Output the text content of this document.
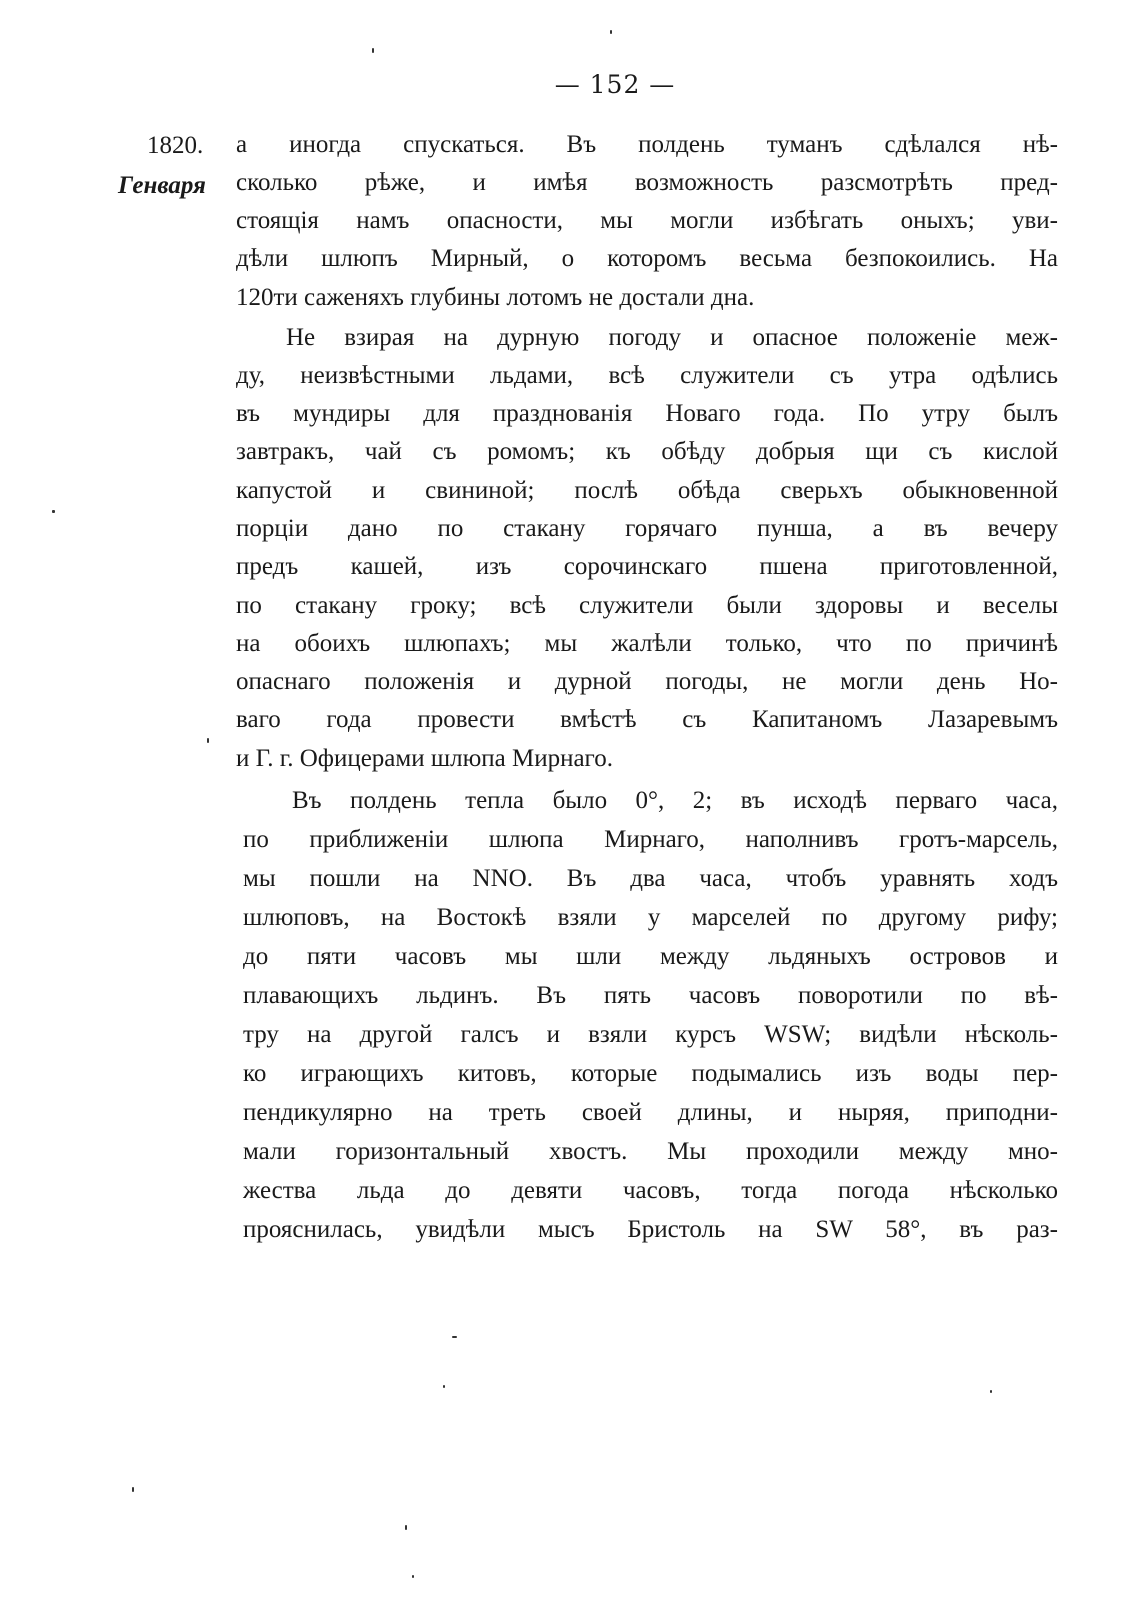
— 152 —
1820.
Генваря
а иногда спускаться. Въ полдень туманъ сдѣлался нѣ-
сколько рѣже, и имѣя возможность разсмотрѣть пред-
стоящія намъ опасности, мы могли избѣгать оныхъ; уви-
дѣли шлюпъ Мирный, о которомъ весьма безпокоились. На
120ти саженяхъ глубины лотомъ не достали дна.
Не взирая на дурную погоду и опасное положеніе меж-
ду, неизвѣстными льдами, всѣ служители съ утра одѣлись
въ мундиры для празднованія Новаго года. По утру былъ
завтракъ, чай съ ромомъ; къ обѣду добрыя щи съ кислой
капустой и свининой; послѣ обѣда сверьхъ обыкновенной
порціи дано по стакану горячаго пунша, а въ вечеру
предъ кашей, изъ сорочинскаго пшена приготовленной,
по стакану гроку; всѣ служители были здоровы и веселы
на обоихъ шлюпахъ; мы жалѣли только, что по причинѣ
опаснаго положенія и дурной погоды, не могли день Но-
ваго года провести вмѣстѣ съ Капитаномъ Лазаревымъ
и Г. г. Офицерами шлюпа Мирнаго.
Въ полдень тепла было 0°, 2; въ исходѣ перваго часа,
по приближеніи шлюпа Мирнаго, наполнивъ гротъ-марсель,
мы пошли на NNO. Въ два часа, чтобъ уравнять ходъ
шлюповъ, на Востокѣ взяли у марселей по другому рифу;
до пяти часовъ мы шли между льдяныхъ островов и
плавающихъ льдинъ. Въ пять часовъ поворотили по вѣ-
тру на другой галсъ и взяли курсъ WSW; видѣли нѣсколь-
ко играющихъ китовъ, которые подымались изъ воды пер-
пендикулярно на треть своей длины, и ныряя, приподни-
мали горизонтальный хвостъ. Мы проходили между мно-
жества льда до девяти часовъ, тогда погода нѣсколько
прояснилась, увидѣли мысъ Бристоль на SW 58°, въ раз-
